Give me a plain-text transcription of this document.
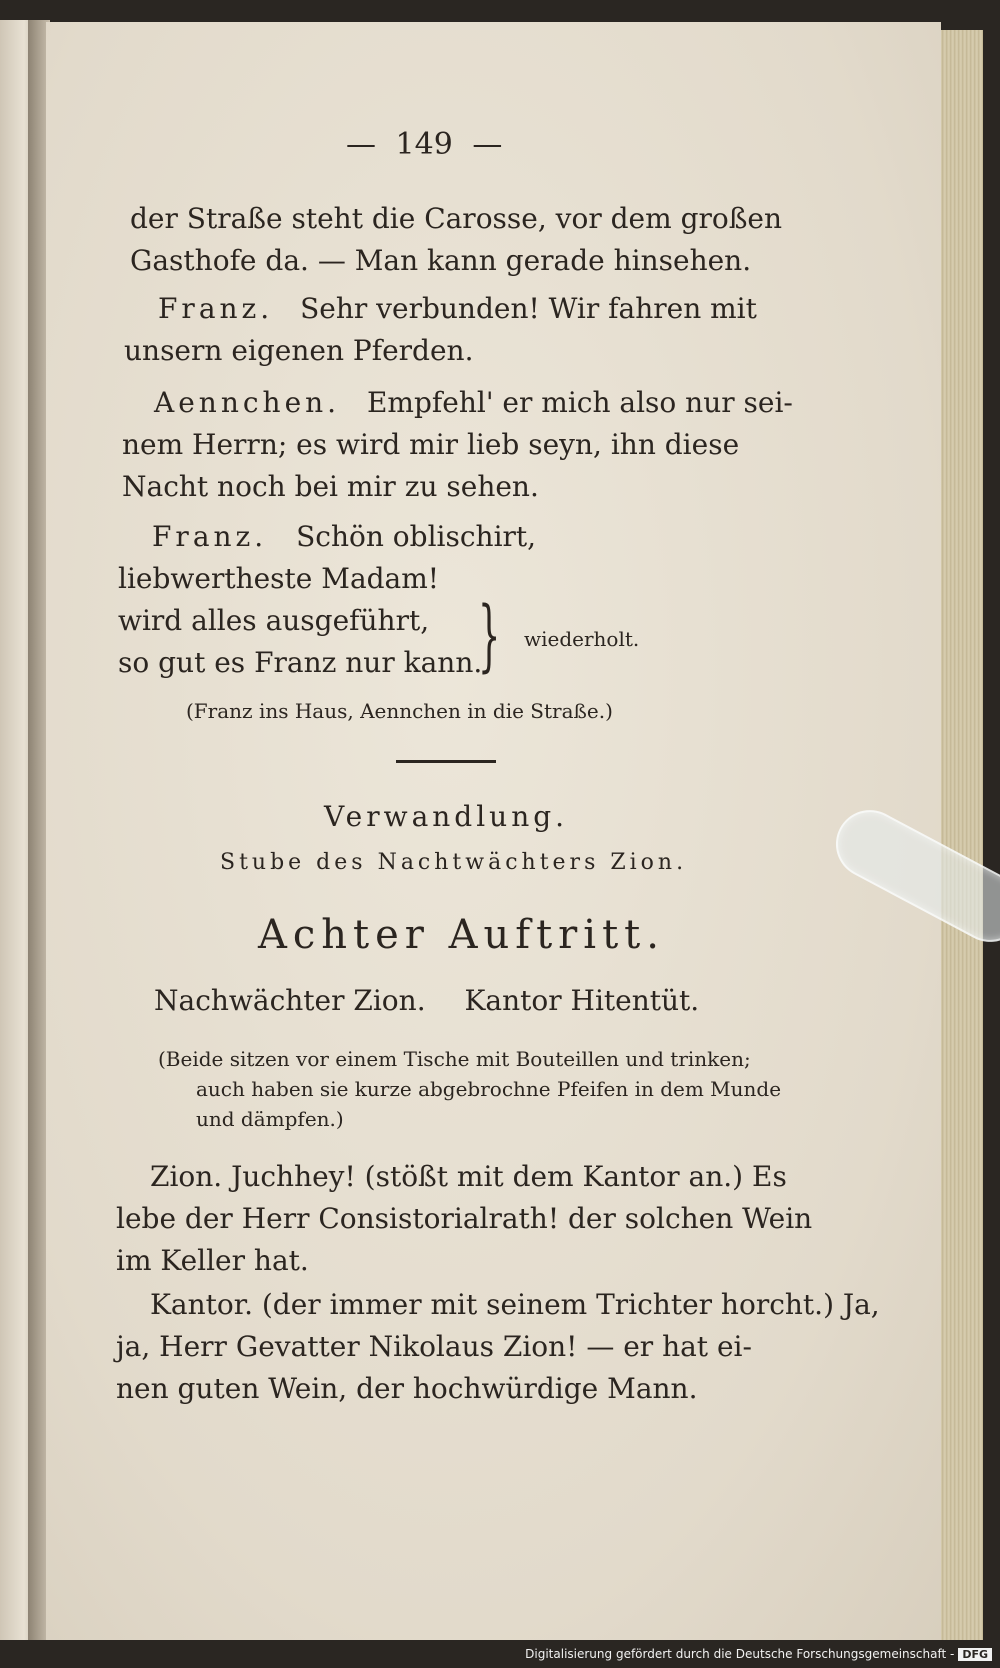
— 149 —
der Straße steht die Carosse, vor dem großen
Gasthofe da. — Man kann gerade hinsehen.
Franz. Sehr verbunden! Wir fahren mit
unsern eigenen Pferden.
Aennchen. Empfehl' er mich also nur sei-
nem Herrn; es wird mir lieb seyn, ihn diese
Nacht noch bei mir zu sehen.
Franz. Schön oblischirt,
liebwertheste Madam!
wird alles ausgeführt,
so gut es Franz nur kann.
} wiederholt.
(Franz ins Haus, Aennchen in die Straße.)
Verwandlung.
Stube des Nachtwächters Zion.
Achter Auftritt.
Nachwächter Zion. Kantor Hitentüt.
(Beide sitzen vor einem Tische mit Bouteillen und trinken;
auch haben sie kurze abgebrochne Pfeifen in dem Munde
und dämpfen.)
Zion. Juchhey! (stößt mit dem Kantor an.) Es
lebe der Herr Consistorialrath! der solchen Wein
im Keller hat.
Kantor. (der immer mit seinem Trichter horcht.) Ja,
ja, Herr Gevatter Nikolaus Zion! — er hat ei-
nen guten Wein, der hochwürdige Mann.
Digitalisierung gefördert durch die Deutsche Forschungsgemeinschaft - DFG
